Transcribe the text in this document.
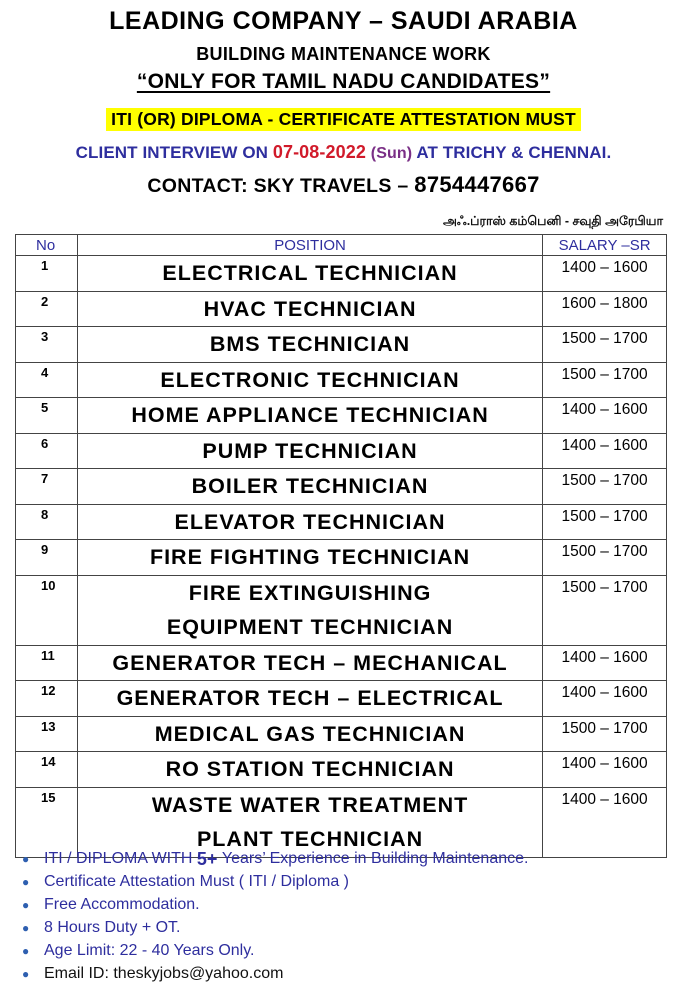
LEADING COMPANY – SAUDI ARABIA
BUILDING MAINTENANCE WORK
“ONLY FOR TAMIL NADU CANDIDATES”
ITI (OR) DIPLOMA - CERTIFICATE ATTESTATION MUST
CLIENT INTERVIEW ON 07-08-2022 (Sun) AT TRICHY & CHENNAI.
CONTACT: SKY TRAVELS – 8754447667
அஃ.ப்ராஸ் கம்பெனி - சவுதி அரேபியா
No	POSITION	SALARY –SR
1	ELECTRICAL TECHNICIAN	1400 – 1600
2	HVAC TECHNICIAN	1600 – 1800
3	BMS TECHNICIAN	1500 – 1700
4	ELECTRONIC TECHNICIAN	1500 – 1700
5	HOME APPLIANCE TECHNICIAN	1400 – 1600
6	PUMP TECHNICIAN	1400 – 1600
7	BOILER TECHNICIAN	1500 – 1700
8	ELEVATOR TECHNICIAN	1500 – 1700
9	FIRE FIGHTING TECHNICIAN	1500 – 1700
10	FIRE EXTINGUISHING
EQUIPMENT TECHNICIAN	1500 – 1700
11	GENERATOR TECH – MECHANICAL	1400 – 1600
12	GENERATOR TECH – ELECTRICAL	1400 – 1600
13	MEDICAL GAS TECHNICIAN	1500 – 1700
14	RO STATION TECHNICIAN	1400 – 1600
15	WASTE WATER TREATMENT
PLANT TECHNICIAN	1400 – 1600
● ITI / DIPLOMA WITH
5+
Years’ Experience in Building Maintenance.
● Certificate Attestation Must ( ITI / Diploma )
● Free Accommodation.
● 8 Hours Duty + OT.
● Age Limit: 22 - 40 Years Only.
● Email ID: theskyjobs@yahoo.com
